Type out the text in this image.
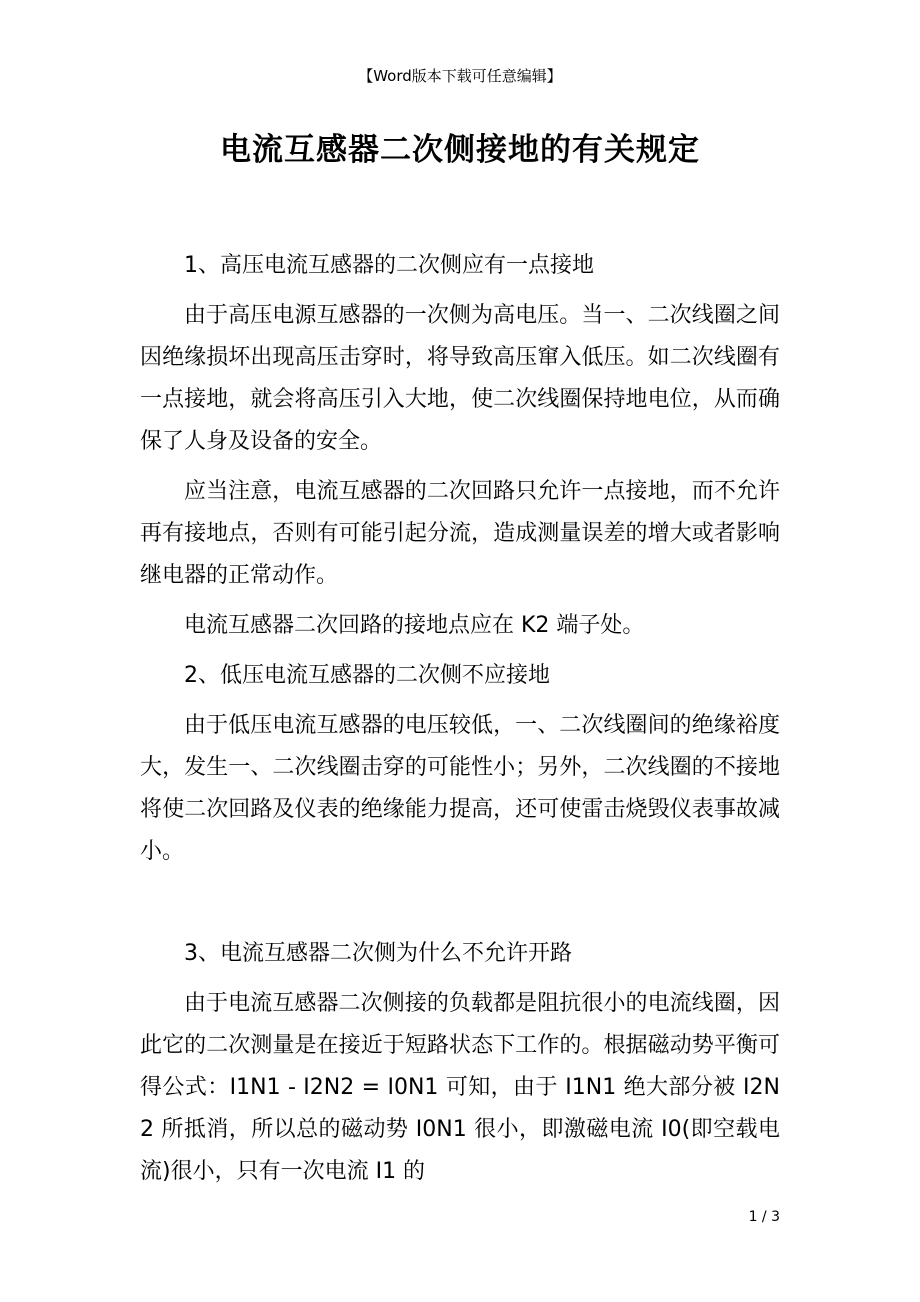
【Word版本下载可任意编辑】
电流互感器二次侧接地的有关规定

1、高压电流互感器的二次侧应有一点接地

由于高压电源互感器的一次侧为高电压。当一、二次线圈之间因绝缘损坏出现高压击穿时，将导致高压窜入低压。如二次线圈有一点接地，就会将高压引入大地，使二次线圈保持地电位，从而确保了人身及设备的安全。

应当注意，电流互感器的二次回路只允许一点接地，而不允许再有接地点，否则有可能引起分流，造成测量误差的增大或者影响继电器的正常动作。

电流互感器二次回路的接地点应在 K2 端子处。

2、低压电流互感器的二次侧不应接地

由于低压电流互感器的电压较低，一、二次线圈间的绝缘裕度大，发生一、二次线圈击穿的可能性小；另外，二次线圈的不接地将使二次回路及仪表的绝缘能力提高，还可使雷击烧毁仪表事故减小。

3、电流互感器二次侧为什么不允许开路

由于电流互感器二次侧接的负载都是阻抗很小的电流线圈，因此它的二次测量是在接近于短路状态下工作的。根据磁动势平衡可得公式：I1N1 - I2N2 = I0N1 可知，由于 I1N1 绝大部分被 I2N2 所抵消，所以总的磁动势 I0N1 很小，即激磁电流 I0(即空载电流)很小，只有一次电流 I1 的

1 / 3
